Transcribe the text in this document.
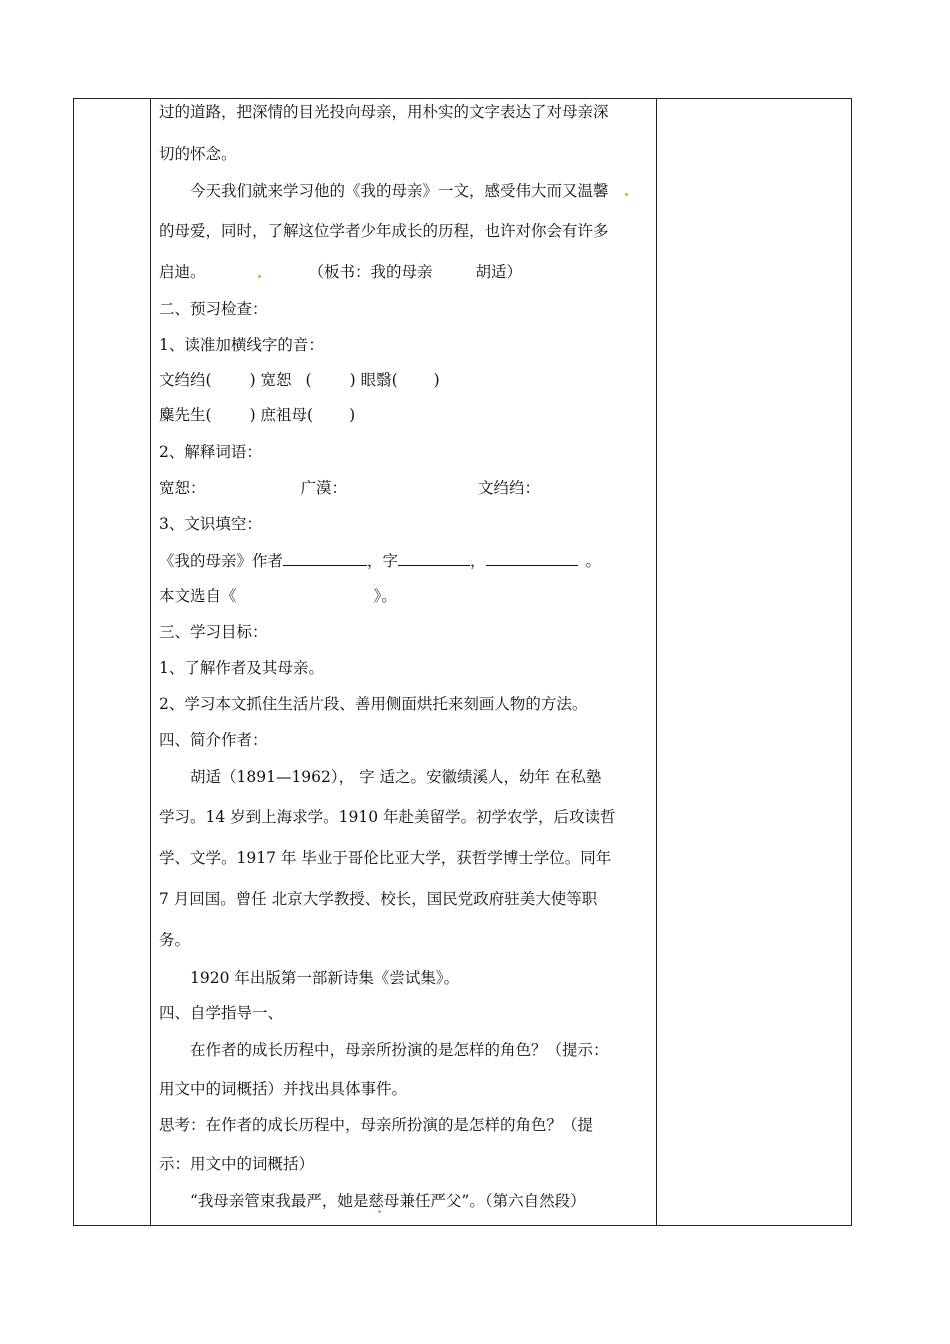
过的道路，把深情的目光投向母亲，用朴实的文字表达了对母亲深
切的怀念。
今天我们就来学习他的《我的母亲》一文，感受伟大而又温馨
的母爱，同时，了解这位学者少年成长的历程，也许对你会有许多
启迪。	（板书：我的母亲	胡适）
二、预习检查：
1、读准加横线字的音：
文绉绉( ) 宽恕 ( ) 眼翳( )
麋先生( ) 庶祖母( )
2、解释词语：
宽恕：	广漠：	文绉绉：
3、文识填空：
《我的母亲》作者	，字	，	。
本文选自《	》。
三、学习目标：
1、了解作者及其母亲。
2、学习本文抓住生活片段、善用侧面烘托来刻画人物的方法。
四、简介作者：
胡适（1891—1962）， 字 适之。安徽绩溪人，幼年 在私塾
学习。14 岁到上海求学。1910 年赴美留学。初学农学，后攻读哲
学、文学。1917 年 毕业于哥伦比亚大学，获哲学博士学位。同年
7 月回国。曾任 北京大学教授、校长，国民党政府驻美大使等职
务。
1920 年出版第一部新诗集《尝试集》。
四、自学指导一、
在作者的成长历程中，母亲所扮演的是怎样的角色？（提示：
用文中的词概括）并找出具体事件。
思考：在作者的成长历程中，母亲所扮演的是怎样的角色？（提
示：用文中的词概括）
“我母亲管束我最严，她是慈母兼任严父”。（第六自然段）
